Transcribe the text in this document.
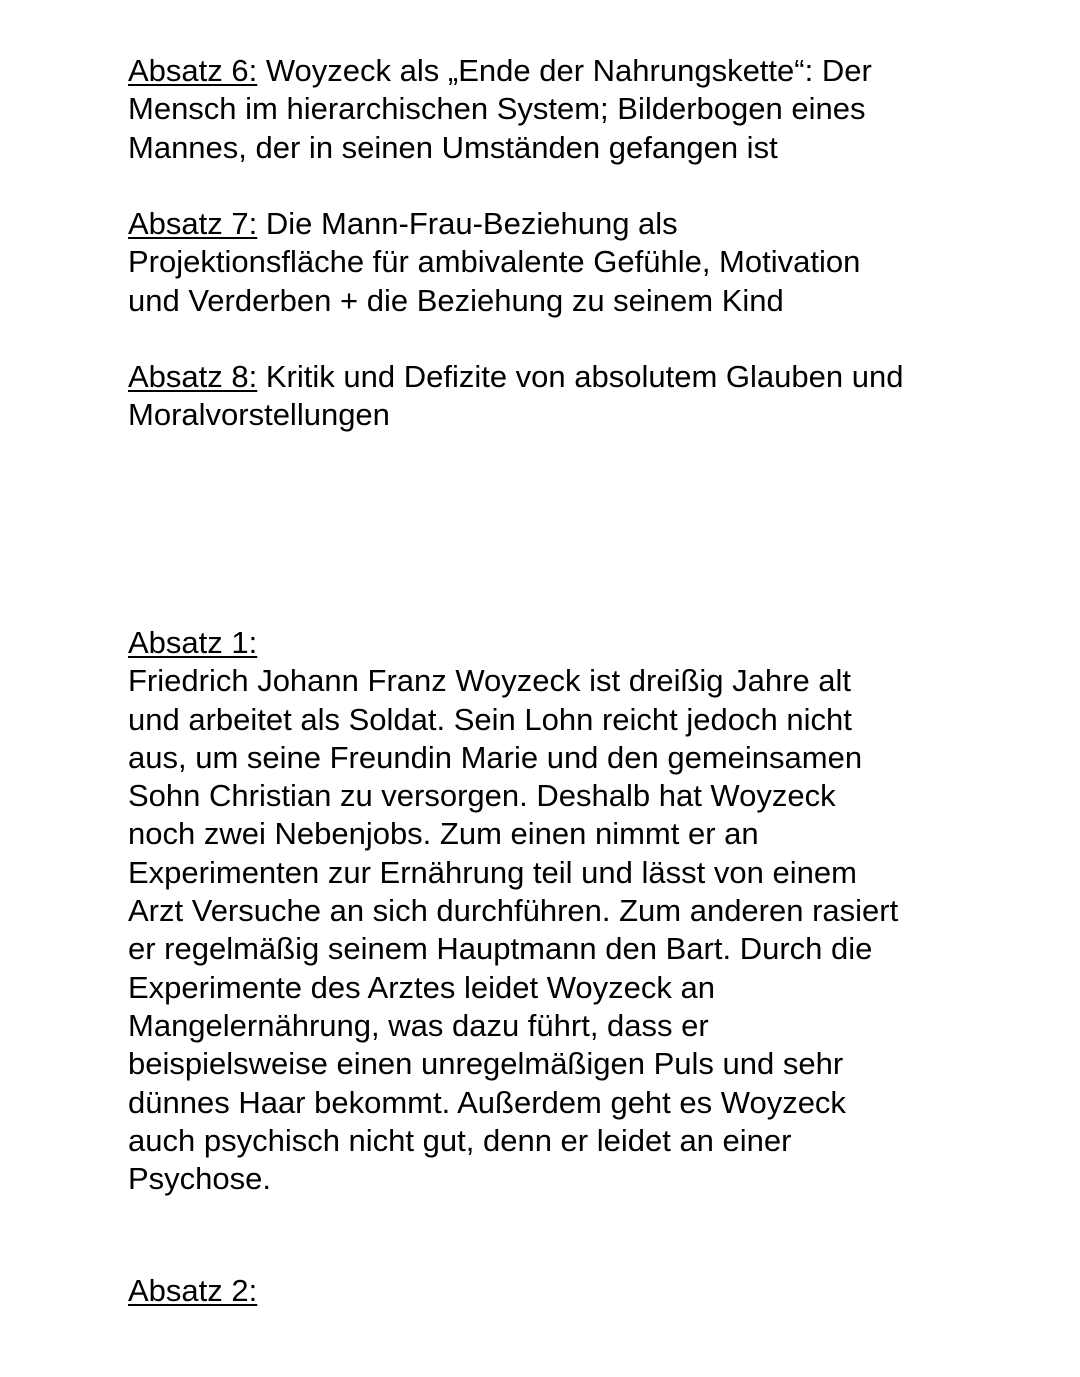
Absatz 6: Woyzeck als „Ende der Nahrungskette“: Der
Mensch im hierarchischen System; Bilderbogen eines
Mannes, der in seinen Umständen gefangen ist
Absatz 7: Die Mann-Frau-Beziehung als
Projektionsfläche für ambivalente Gefühle, Motivation
und Verderben + die Beziehung zu seinem Kind
Absatz 8: Kritik und Defizite von absolutem Glauben und
Moralvorstellungen
Absatz 1:
Friedrich Johann Franz Woyzeck ist dreißig Jahre alt
und arbeitet als Soldat. Sein Lohn reicht jedoch nicht
aus, um seine Freundin Marie und den gemeinsamen
Sohn Christian zu versorgen. Deshalb hat Woyzeck
noch zwei Nebenjobs. Zum einen nimmt er an
Experimenten zur Ernährung teil und lässt von einem
Arzt Versuche an sich durchführen. Zum anderen rasiert
er regelmäßig seinem Hauptmann den Bart. Durch die
Experimente des Arztes leidet Woyzeck an
Mangelernährung, was dazu führt, dass er
beispielsweise einen unregelmäßigen Puls und sehr
dünnes Haar bekommt. Außerdem geht es Woyzeck
auch psychisch nicht gut, denn er leidet an einer
Psychose.
Absatz 2:
